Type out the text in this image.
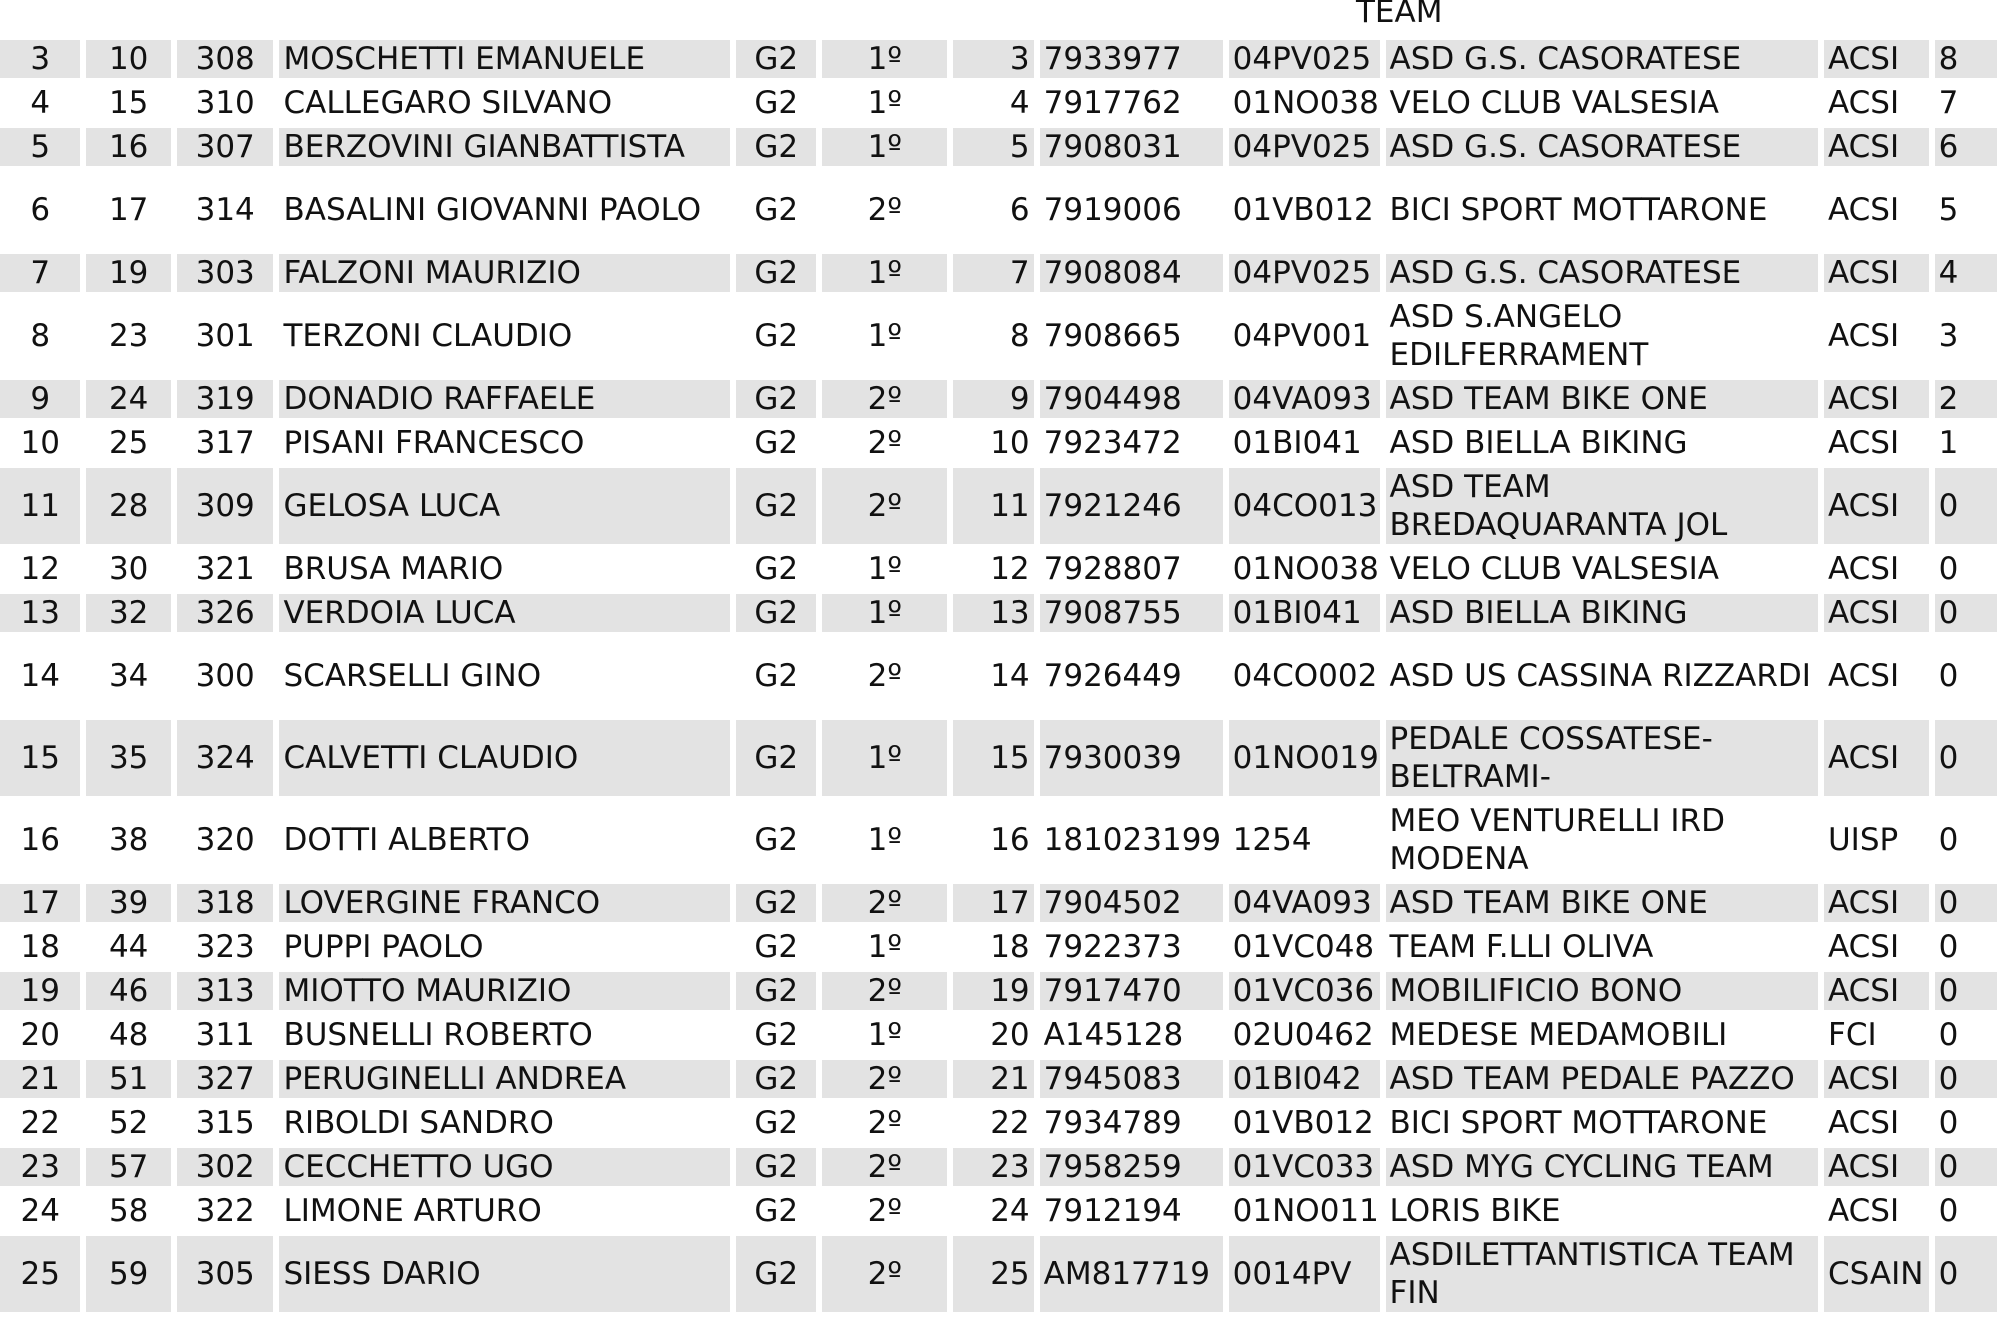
TEAM
3	10	308	MOSCHETTI EMANUELE	G2	1º	3	7933977	04PV025	ASD G.S. CASORATESE	ACSI	8
4	15	310	CALLEGARO SILVANO	G2	1º	4	7917762	01NO038	VELO CLUB VALSESIA	ACSI	7
5	16	307	BERZOVINI GIANBATTISTA	G2	1º	5	7908031	04PV025	ASD G.S. CASORATESE	ACSI	6
6	17	314	BASALINI GIOVANNI PAOLO	G2	2º	6	7919006	01VB012	BICI SPORT MOTTARONE	ACSI	5
7	19	303	FALZONI MAURIZIO	G2	1º	7	7908084	04PV025	ASD G.S. CASORATESE	ACSI	4
8	23	301	TERZONI CLAUDIO	G2	1º	8	7908665	04PV001	ASD S.ANGELO EDILFERRAMENT	ACSI	3
9	24	319	DONADIO RAFFAELE	G2	2º	9	7904498	04VA093	ASD TEAM BIKE ONE	ACSI	2
10	25	317	PISANI FRANCESCO	G2	2º	10	7923472	01BI041	ASD BIELLA BIKING	ACSI	1
11	28	309	GELOSA LUCA	G2	2º	11	7921246	04CO013	ASD TEAM BREDAQUARANTA JOL	ACSI	0
12	30	321	BRUSA MARIO	G2	1º	12	7928807	01NO038	VELO CLUB VALSESIA	ACSI	0
13	32	326	VERDOIA LUCA	G2	1º	13	7908755	01BI041	ASD BIELLA BIKING	ACSI	0
14	34	300	SCARSELLI GINO	G2	2º	14	7926449	04CO002	ASD US CASSINA RIZZARDI	ACSI	0
15	35	324	CALVETTI CLAUDIO	G2	1º	15	7930039	01NO019	PEDALE COSSATESE-BELTRAMI-	ACSI	0
16	38	320	DOTTI ALBERTO	G2	1º	16	181023199	1254	MEO VENTURELLI IRD MODENA	UISP	0
17	39	318	LOVERGINE FRANCO	G2	2º	17	7904502	04VA093	ASD TEAM BIKE ONE	ACSI	0
18	44	323	PUPPI PAOLO	G2	1º	18	7922373	01VC048	TEAM F.LLI OLIVA	ACSI	0
19	46	313	MIOTTO MAURIZIO	G2	2º	19	7917470	01VC036	MOBILIFICIO BONO	ACSI	0
20	48	311	BUSNELLI ROBERTO	G2	1º	20	A145128	02U0462	MEDESE MEDAMOBILI	FCI	0
21	51	327	PERUGINELLI ANDREA	G2	2º	21	7945083	01BI042	ASD TEAM PEDALE PAZZO	ACSI	0
22	52	315	RIBOLDI SANDRO	G2	2º	22	7934789	01VB012	BICI SPORT MOTTARONE	ACSI	0
23	57	302	CECCHETTO UGO	G2	2º	23	7958259	01VC033	ASD MYG CYCLING TEAM	ACSI	0
24	58	322	LIMONE ARTURO	G2	2º	24	7912194	01NO011	LORIS BIKE	ACSI	0
25	59	305	SIESS DARIO	G2	2º	25	AM817719	0014PV	ASDILETTANTISTICA TEAM FIN	CSAIN	0
